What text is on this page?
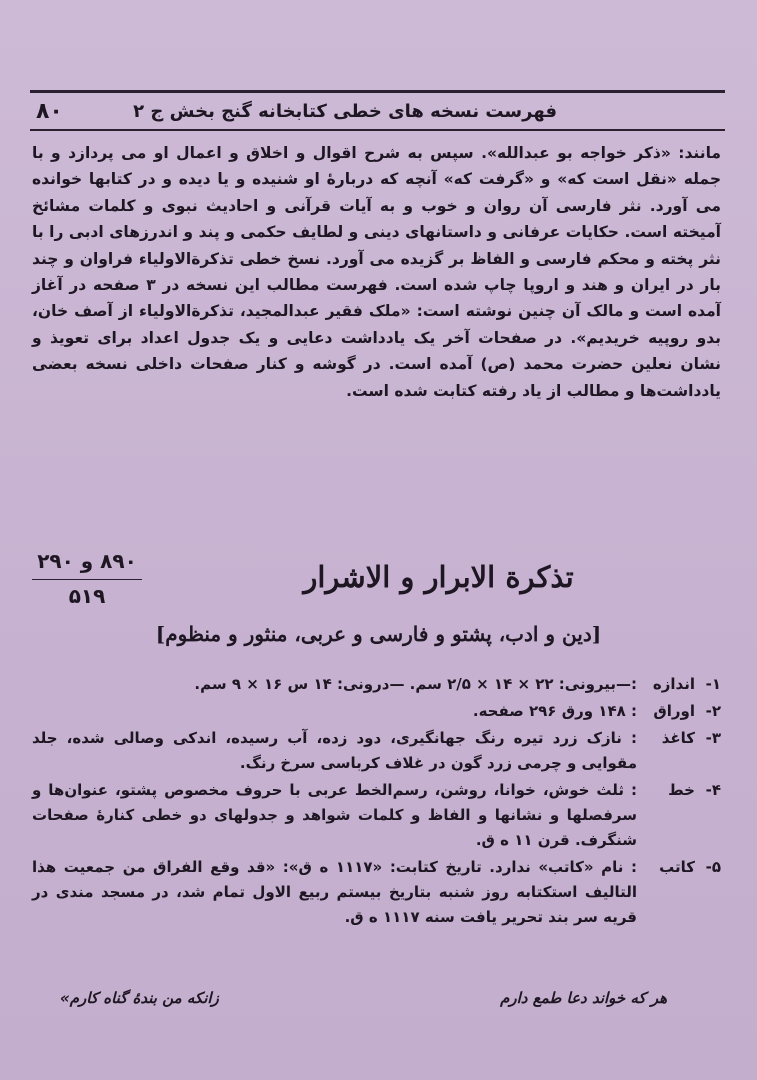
۸۰	فهرست نسخه های خطی کتابخانه گنج بخش ج ۲

مانند: «ذکر خواجه بو عبدالله». سپس به شرح اقوال و اخلاق و اعمال او می پردازد و با جمله «نقل است که» و «گرفت که» آنچه که دربارهٔ او شنیده و یا دیده و در کتابها خوانده می آورد. نثر فارسی آن روان و خوب و به آیات قرآنی و احادیث نبوی و کلمات مشائخ آمیخته است. حکایات عرفانی و داستانهای دینی و لطایف حکمی و پند و اندرزهای ادبی را با نثر پخته و محکم فارسی و الفاظ بر گزیده می آورد. نسخ خطی تذکرةالاولیاء فراوان و چند بار در ایران و هند و اروپا چاپ شده است. فهرست مطالب این نسخه در ۳ صفحه در آغاز آمده است و مالک آن چنین نوشته است: «ملک فقیر عبدالمجید، تذکرةالاولیاء از آصف خان، بدو روپیه خریدیم». در صفحات آخر یک یادداشت دعایی و یک جدول اعداد برای تعویذ و نشان نعلین حضرت محمد (ص) آمده است. در گوشه و کنار صفحات داخلی نسخه بعضی یادداشت‌ها و مطالب از یاد رفته کتابت شده است.

۸۹۰ و ۲۹۰
۵۱۹
تذکرة الابرار و الاشرار
[دین و ادب، پشتو و فارسی و عربی، منثور و منظوم]
۱-اندازه
:—بیرونی: ۲۲ × ۱۴ × ۲/۵ سم. —درونی: ۱۴ س ۱۶ × ۹ سم.
۲-اوراق
: ۱۴۸ ورق ۲۹۶ صفحه.
۳-کاغذ
: نازک زرد تیره رنگ جهانگیری، دود زده، آب رسیده، اندکی وصالی شده، جلد مقوایی و چرمی زرد گون در غلاف کرباسی سرخ رنگ.
۴-خط
: ثلث خوش، خوانا، روشن، رسم‌الخط عربی با حروف مخصوص پشتو، عنوان‌ها و سرفصلها و نشانها و الفاظ و کلمات شواهد و جدولهای دو خطی کنارهٔ صفحات شنگرف. قرن ۱۱ ه ق.
۵-کاتب
: نام «کاتب» ندارد. تاریخ کتابت: «۱۱۱۷ ه ق»: «قد وقع الفراق من جمعیت هذا التالیف استکتابه روز شنبه بتاریخ بیستم ربیع الاول تمام شد، در مسجد مندی در قریه سر بند تحریر یافت سنه ۱۱۱۷ ه ق.
هر که خواند دعا طمع دارم
زانکه من بندهٔ گناه کارم»
